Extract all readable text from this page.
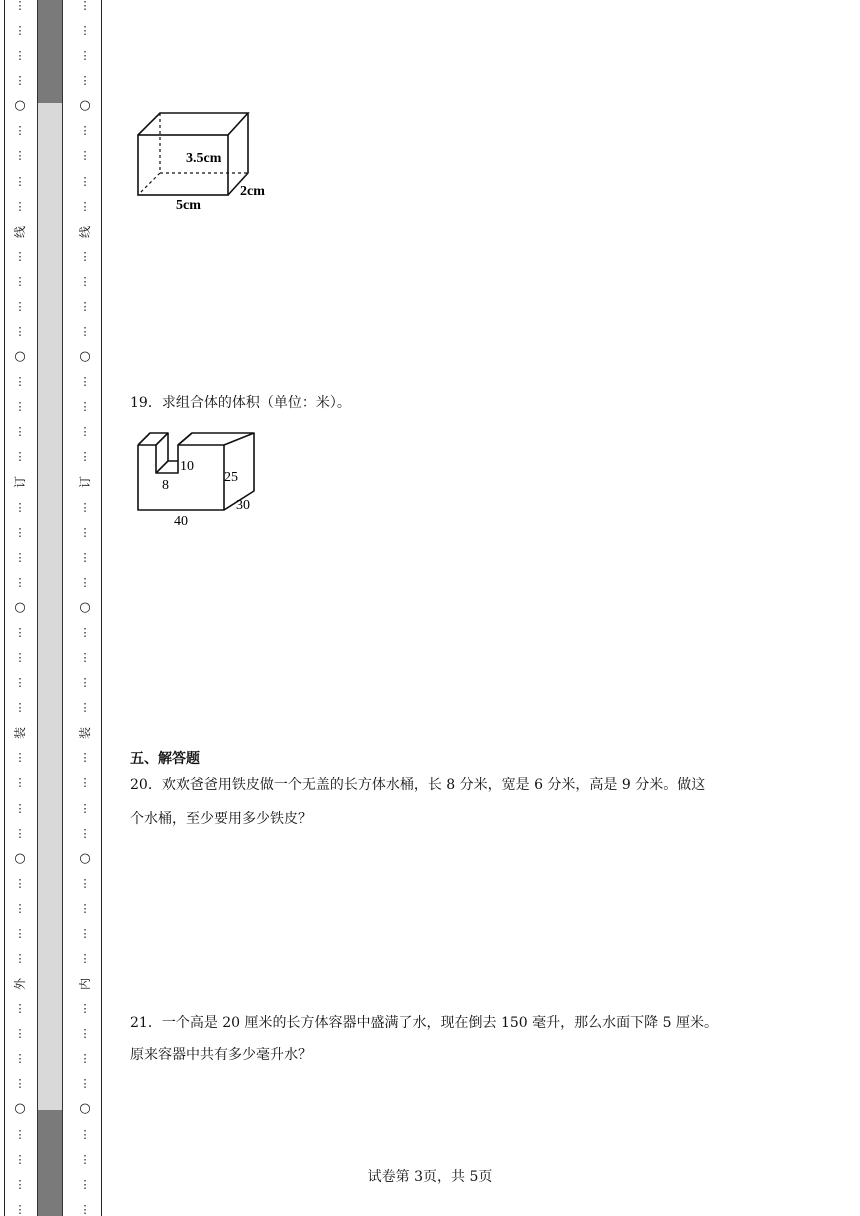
⋮
⋮
⋮
⋮
○
⋮
⋮
⋮
⋮
线
⋮
⋮
⋮
⋮
○
⋮
⋮
⋮
⋮
订
⋮
⋮
⋮
⋮
○
⋮
⋮
⋮
⋮
装
⋮
⋮
⋮
⋮
○
⋮
⋮
⋮
⋮
外
⋮
⋮
⋮
⋮
○
⋮
⋮
⋮
⋮
⋮
⋮
⋮
⋮
○
⋮
⋮
⋮
⋮
线
⋮
⋮
⋮
⋮
○
⋮
⋮
⋮
⋮
订
⋮
⋮
⋮
⋮
○
⋮
⋮
⋮
⋮
装
⋮
⋮
⋮
⋮
○
⋮
⋮
⋮
⋮
内
⋮
⋮
⋮
⋮
○
⋮
⋮
⋮
⋮
3.5cm
2cm
5cm
19．求组合体的体积（单位：米）。
10
8
25
30
40
五、解答题
20．欢欢爸爸用铁皮做一个无盖的长方体水桶，长 8 分米，宽是 6 分米，高是 9 分米。做这
个水桶，至少要用多少铁皮？
21．一个高是 20 厘米的长方体容器中盛满了水，现在倒去 150 毫升，那么水面下降 5 厘米。
原来容器中共有多少毫升水？
试卷第 3页，共 5页
